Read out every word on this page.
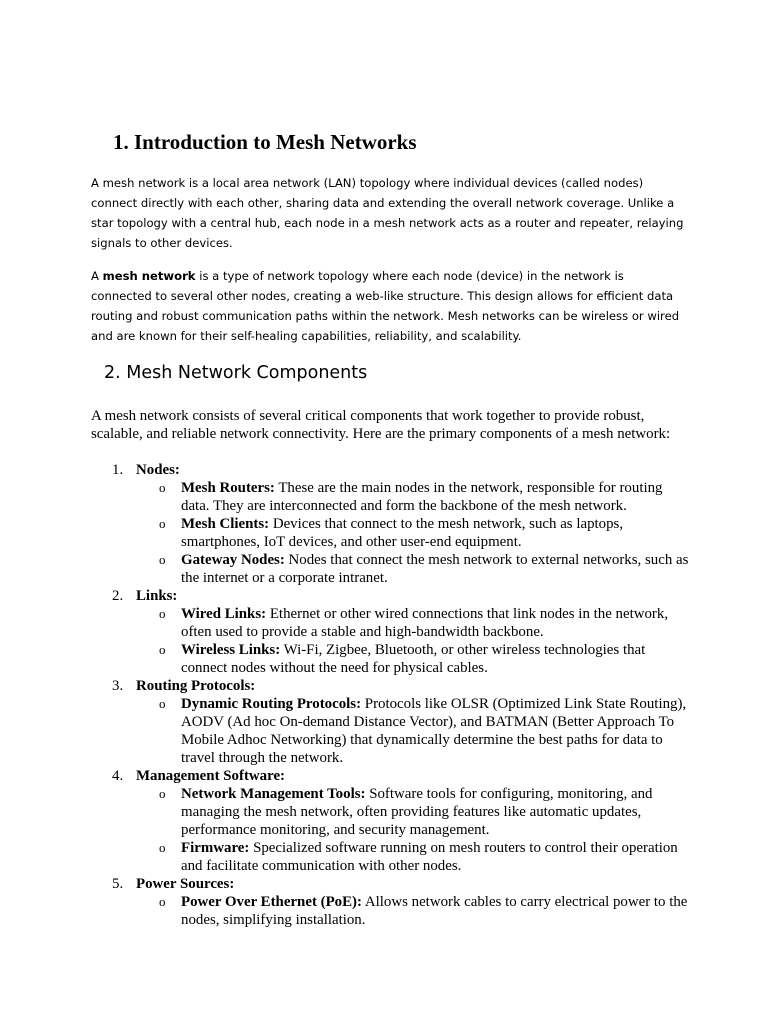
1. Introduction to Mesh Networks

A mesh network is a local area network (LAN) topology where individual devices (called nodes) connect directly with each other, sharing data and extending the overall network coverage. Unlike a star topology with a central hub, each node in a mesh network acts as a router and repeater, relaying signals to other devices.

A mesh network is a type of network topology where each node (device) in the network is connected to several other nodes, creating a web-like structure. This design allows for efficient data routing and robust communication paths within the network. Mesh networks can be wireless or wired and are known for their self-healing capabilities, reliability, and scalability.

2. Mesh Network Components

A mesh network consists of several critical components that work together to provide robust, scalable, and reliable network connectivity. Here are the primary components of a mesh network:

1. Nodes:
o Mesh Routers: These are the main nodes in the network, responsible for routing data. They are interconnected and form the backbone of the mesh network.
o Mesh Clients: Devices that connect to the mesh network, such as laptops, smartphones, IoT devices, and other user-end equipment.
o Gateway Nodes: Nodes that connect the mesh network to external networks, such as the internet or a corporate intranet.
2. Links:
o Wired Links: Ethernet or other wired connections that link nodes in the network, often used to provide a stable and high-bandwidth backbone.
o Wireless Links: Wi-Fi, Zigbee, Bluetooth, or other wireless technologies that connect nodes without the need for physical cables.
3. Routing Protocols:
o Dynamic Routing Protocols: Protocols like OLSR (Optimized Link State Routing), AODV (Ad hoc On-demand Distance Vector), and BATMAN (Better Approach To Mobile Adhoc Networking) that dynamically determine the best paths for data to travel through the network.
4. Management Software:
o Network Management Tools: Software tools for configuring, monitoring, and managing the mesh network, often providing features like automatic updates, performance monitoring, and security management.
o Firmware: Specialized software running on mesh routers to control their operation and facilitate communication with other nodes.
5. Power Sources:
o Power Over Ethernet (PoE): Allows network cables to carry electrical power to the nodes, simplifying installation.
